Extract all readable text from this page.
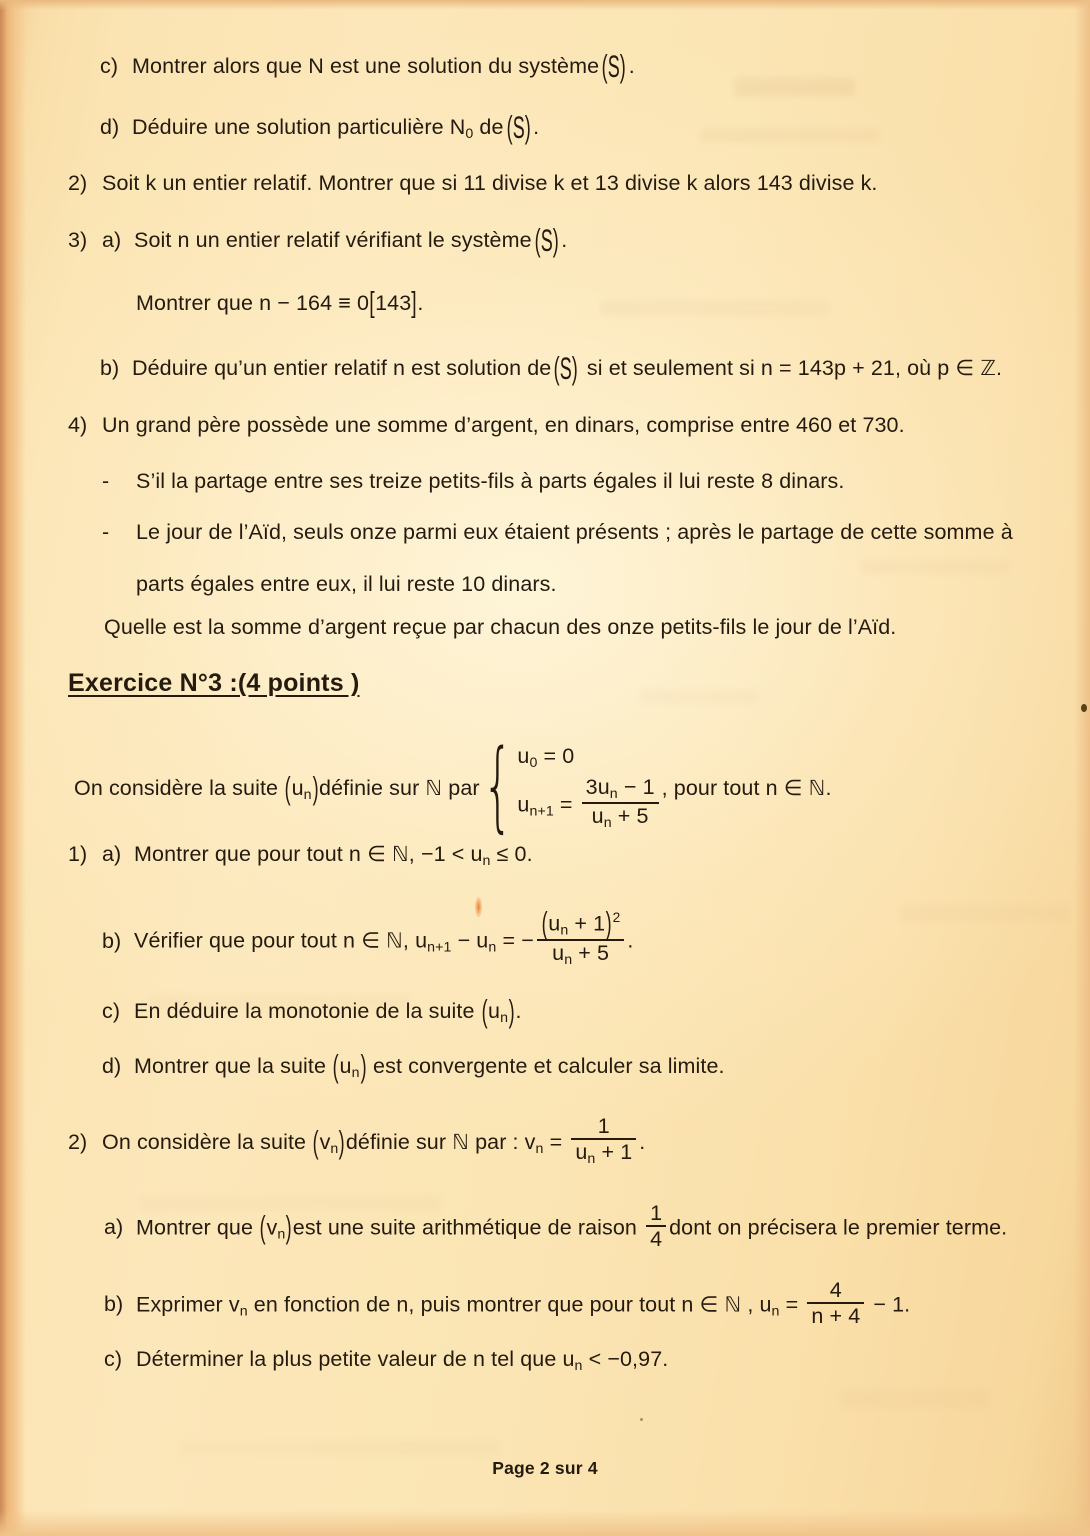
c) Montrer alors que N est une solution du système (S) .
d) Déduire une solution particulière $N_0$ de (S) .
2) Soit k un entier relatif. Montrer que si 11 divise k et 13 divise k alors 143 divise k.
3) a) Soit n un entier relatif vérifiant le système (S) .
Montrer que n − 164 ≡ 0[143].
b) Déduire qu’un entier relatif n est solution de (S) si et seulement si n = 143p + 21, où p ∈ ℤ.
4) Un grand père possède une somme d’argent, en dinars, comprise entre 460 et 730.
- S’il la partage entre ses treize petits-fils à parts égales il lui reste 8 dinars.
- Le jour de l’Aïd, seuls onze parmi eux étaient présents ; après le partage de cette somme à
parts égales entre eux, il lui reste 10 dinars.
Quelle est la somme d’argent reçue par chacun des onze petits-fils le jour de l’Aïd.
Exercice N°3 :(4 points )
On considère la suite $(u_n)définie$ sur ℕ par { $u_0 = 0$
$u_{n+1} = \frac{3u_n - 1}{u_n + 5}$ , pour tout n ∈ ℕ.
1) a) Montrer que pour tout n ∈ ℕ, $-1 < u_n \le 0$.
b) Vérifier que pour tout n ∈ ℕ, $u_{n+1} - u_n$ = − $\frac{(u_n + 1)^2}{u_n + 5}$ .
c) En déduire la monotonie de la suite $(u_n)$.
d) Montrer que la suite $(u_n)$ est convergente et calculer sa limite.
2) On considère la suite $(v_n)définie$ sur ℕ par : $v_n = \frac{1}{u_n + 1}$ .
a) Montrer que $(v_n)est$ une suite arithmétique de raison $\frac{1}{4}$ dont on précisera le premier terme.
b) Exprimer $v_n$ en fonction de n, puis montrer que pour tout n ∈ ℕ , $u_n = \frac{4}{n + 4} - 1$.
c) Déterminer la plus petite valeur de n tel que $u_n < -0,97$.
Page 2 sur 4
